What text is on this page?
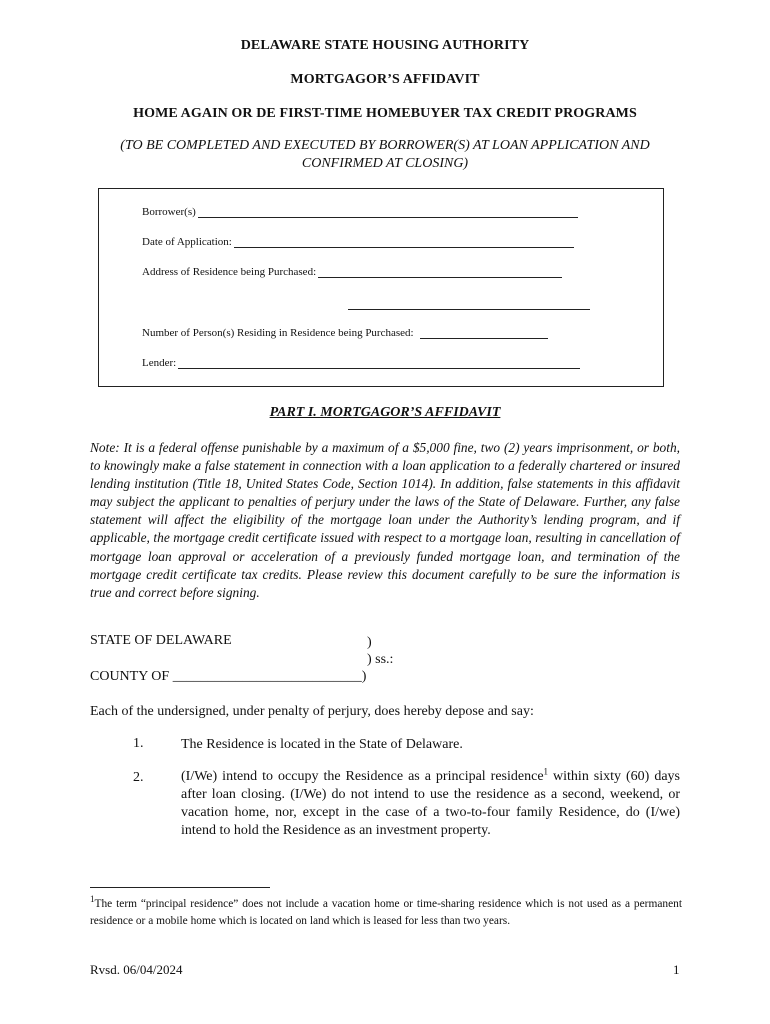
DELAWARE STATE HOUSING AUTHORITY
MORTGAGOR’S AFFIDAVIT
HOME AGAIN OR DE FIRST-TIME HOMEBUYER TAX CREDIT PROGRAMS
(TO BE COMPLETED AND EXECUTED BY BORROWER(S) AT LOAN APPLICATION AND
CONFIRMED AT CLOSING)
Borrower(s)
Date of Application:
Address of Residence being Purchased:
Number of Person(s) Residing in Residence being Purchased:
Lender:
PART I. MORTGAGOR’S AFFIDAVIT
Note: It is a federal offense punishable by a maximum of a $5,000 fine, two (2) years imprisonment, or both, to knowingly make a false statement in connection with a loan application to a federally chartered or insured lending institution (Title 18, United States Code, Section 1014). In addition, false statements in this affidavit may subject the applicant to penalties of perjury under the laws of the State of Delaware. Further, any false statement will affect the eligibility of the mortgage loan under the Authority’s lending program, and if applicable, the mortgage credit certificate issued with respect to a mortgage loan, resulting in cancellation of mortgage loan approval or acceleration of a previously funded mortgage loan, and termination of the mortgage credit certificate tax credits. Please review this document carefully to be sure the information is true and correct before signing.
STATE OF DELAWARE	)
) ss.:
COUNTY OF ___________________________)
Each of the undersigned, under penalty of perjury, does hereby depose and say:
1.	The Residence is located in the State of Delaware.
2.	(I/We) intend to occupy the Residence as a principal residence$^1$ within sixty (60) days after loan closing. (I/We) do not intend to use the residence as a second, weekend, or vacation home, nor, except in the case of a two-to-four family Residence, do (I/we) intend to hold the Residence as an investment property.
$^1$The term “principal residence” does not include a vacation home or time-sharing residence which is not used as a permanent residence or a mobile home which is located on land which is leased for less than two years.
Rvsd. 06/04/2024	1
